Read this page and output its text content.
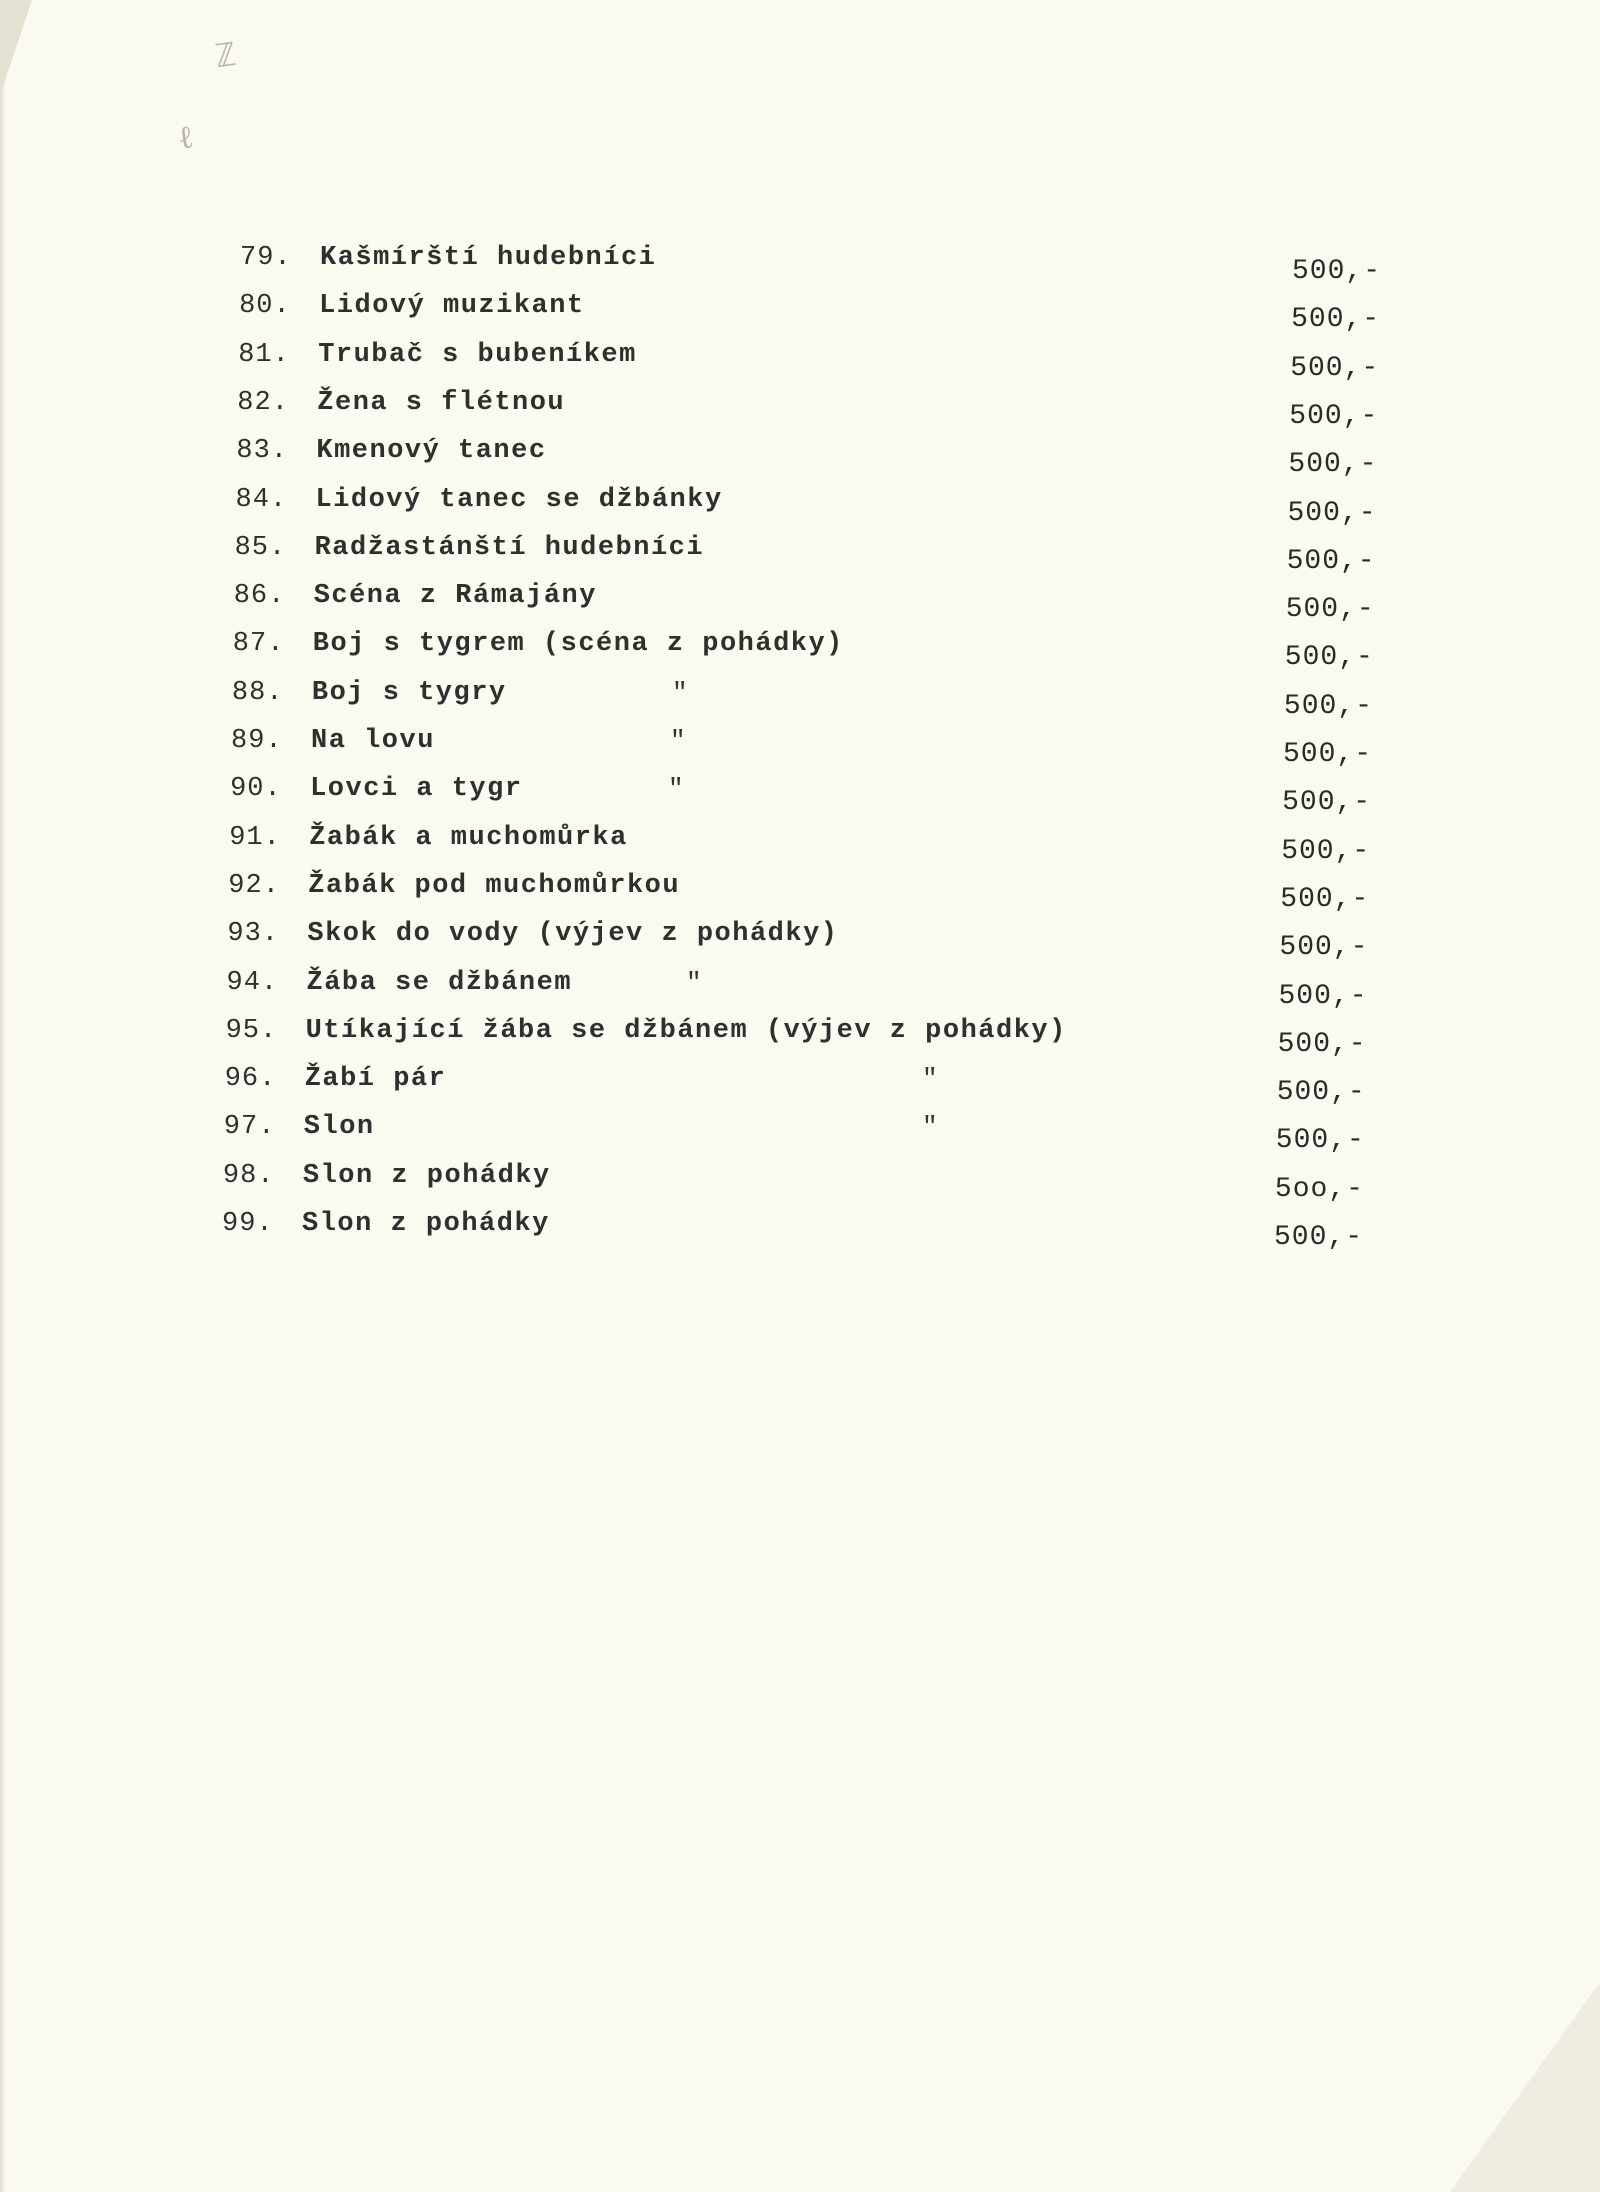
ℤ
ℓ
79. Kašmírští hudebníci	500,-
80. Lidový muzikant	500,-
81. Trubač s bubeníkem	500,-
82. Žena s flétnou	500,-
83. Kmenový tanec	500,-
84. Lidový tanec se džbánky	500,-
85. Radžastánští hudebníci	500,-
86. Scéna z Rámajány	500,-
87. Boj s tygrem (scéna z pohádky)	500,-
88. Boj s tygry	"	500,-
89. Na lovu	"	500,-
90. Lovci a tygr	"	500,-
91. Žabák a muchomůrka	500,-
92. Žabák pod muchomůrkou	500,-
93. Skok do vody (výjev z pohádky)	500,-
94. Žába se džbánem	"	500,-
95. Utíkající žába se džbánem (výjev z pohádky)	500,-
96. Žabí pár	"	500,-
97. Slon	"	500,-
98. Slon z pohádky	5oo,-
99. Slon z pohádky	500,-
